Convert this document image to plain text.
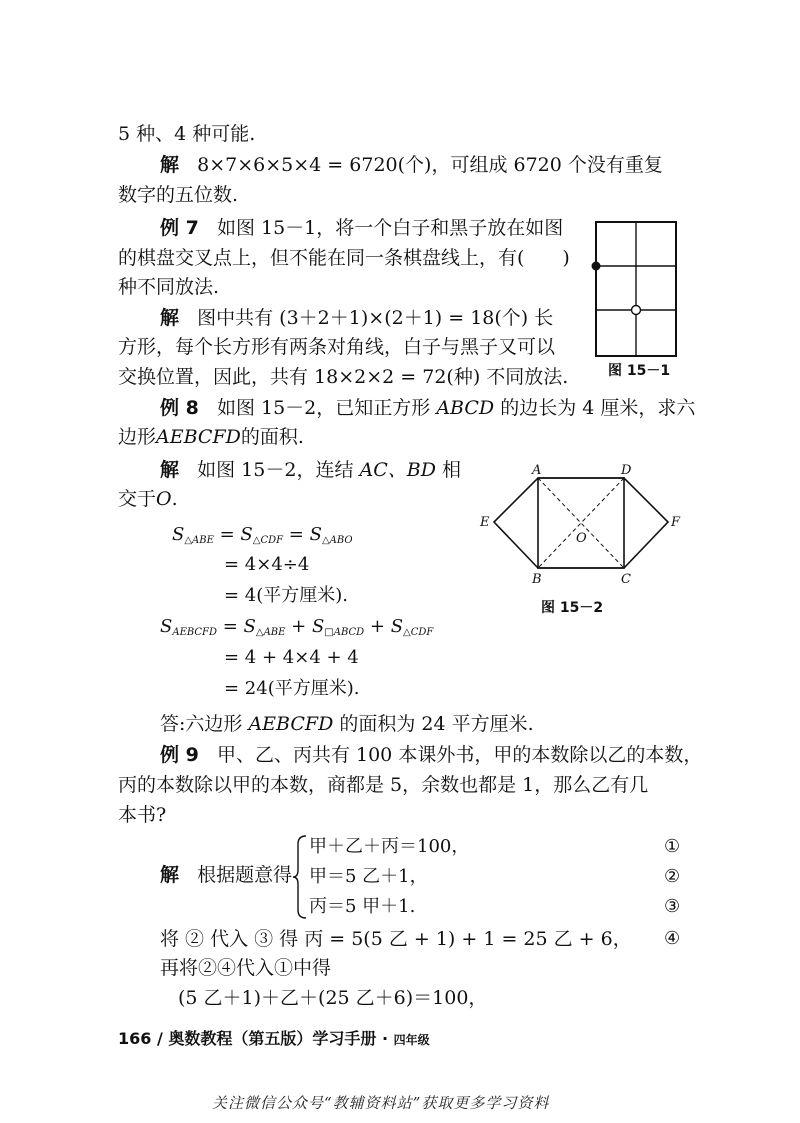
5 种、4 种可能.
解 8×7×6×5×4 = 6720(个)，可组成 6720 个没有重复
数字的五位数.
例 7 如图 15－1，将一个白子和黑子放在如图
的棋盘交叉点上，但不能在同一条棋盘线上，有(　　)
种不同放法.
解 图中共有 (3＋2＋1)×(2＋1) = 18(个) 长
方形，每个长方形有两条对角线，白子与黑子又可以
交换位置，因此，共有 18×2×2 = 72(种) 不同放法.
例 8 如图 15－2，已知正方形 ABCD 的边长为 4 厘米，求六
边形AEBCFD的面积.
解 如图 15－2，连结 AC、BD 相
交于O.
$S_{\triangle ABE} = S_{\triangle CDF} = S_{\triangle ABO}$
= 4×4÷4
= 4(平方厘米).
$S_{AEBCFD} = S_{\triangle ABE} + S_{□ABCD} + S_{\triangle CDF}$
= 4 + 4×4 + 4
= 24(平方厘米).
答:六边形 AEBCFD 的面积为 24 平方厘米.
例 9 甲、乙、丙共有 100 本课外书，甲的本数除以乙的本数，
丙的本数除以甲的本数，商都是 5，余数也都是 1，那么乙有几
本书?
解 根据题意得
甲＋乙＋丙＝100，
甲＝5 乙＋1，
丙＝5 甲＋1.
①
②
③
将 ② 代入 ③ 得 丙 = 5(5 乙 + 1) + 1 = 25 乙 + 6， ④
再将②④代入①中得
(5 乙＋1)＋乙＋(25 乙＋6)＝100，
图 15－1
A	D
E	F
O
B	C
图 15－2
166 / 奥数教程（第五版）学习手册 · 四年级
关注微信公众号“教辅资料站”获取更多学习资料
